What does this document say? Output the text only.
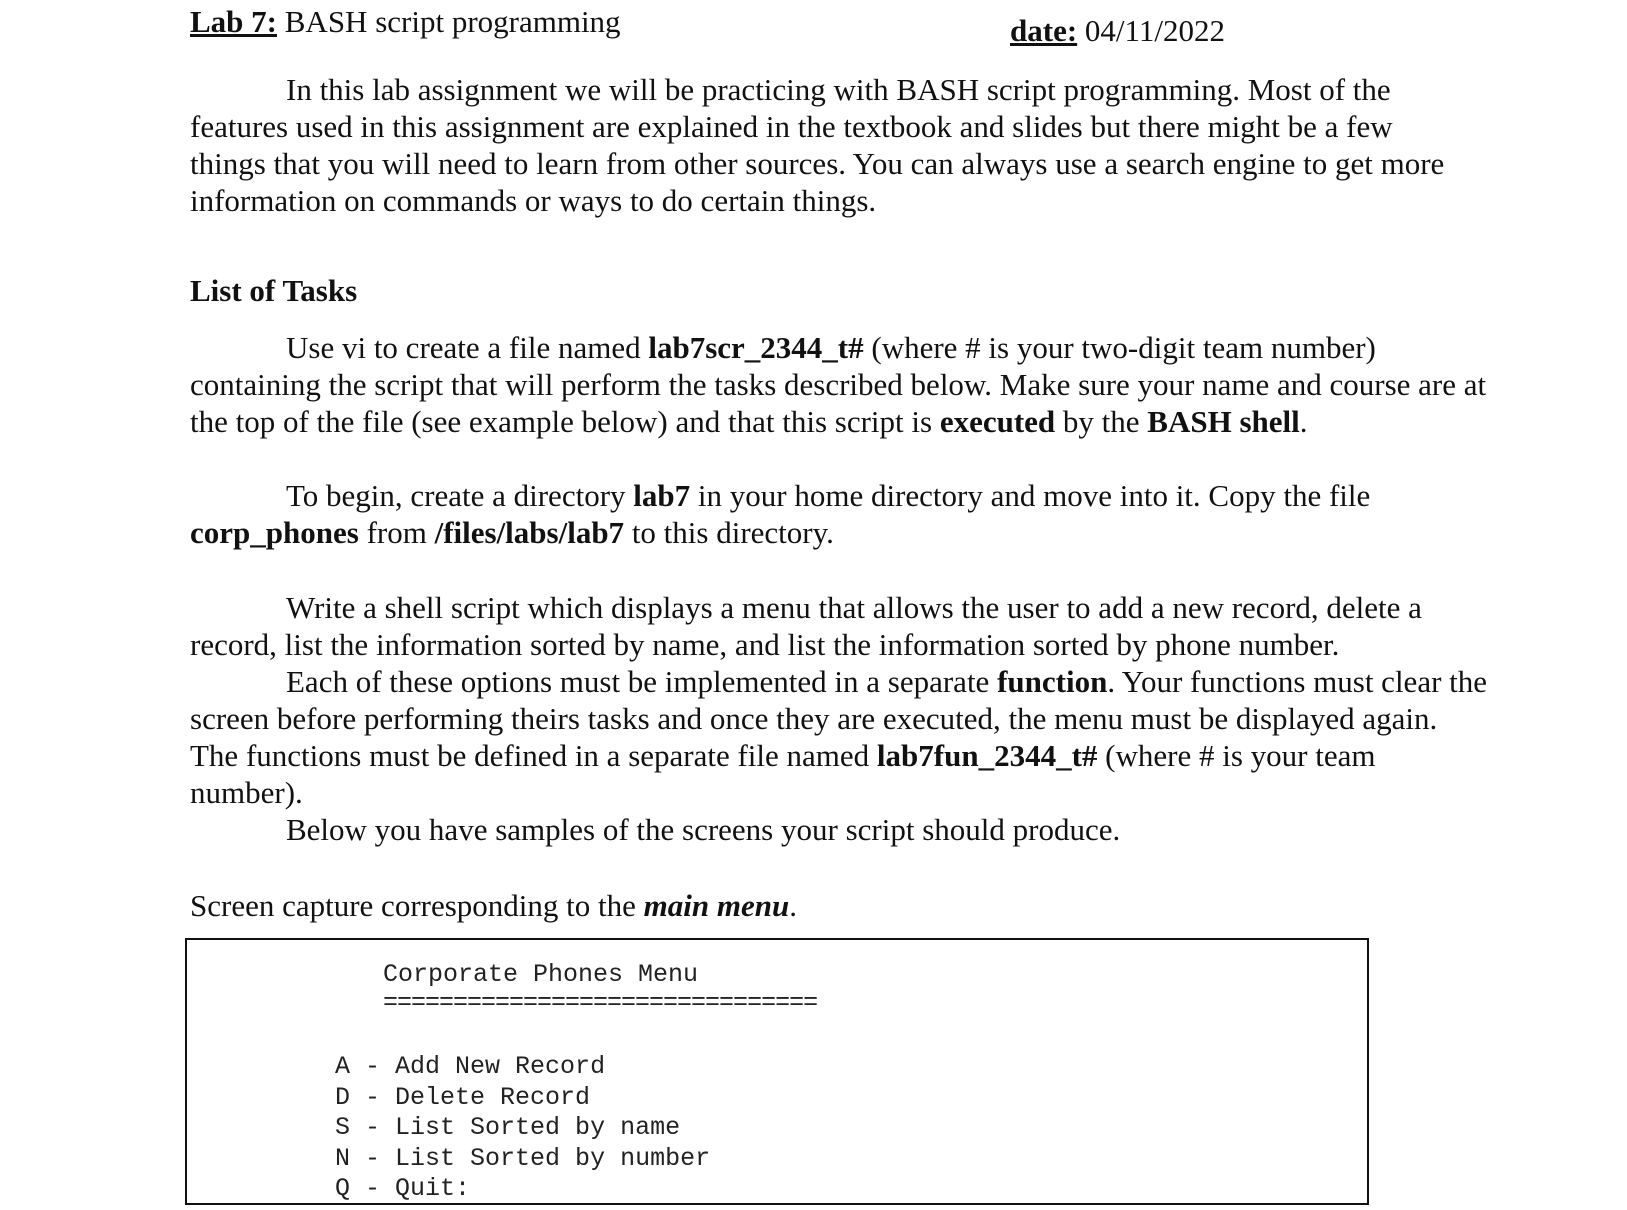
Lab 7: BASH script programming	date: 04/11/2022

In this lab assignment we will be practicing with BASH script programming. Most of the features used in this assignment are explained in the textbook and slides but there might be a few things that you will need to learn from other sources. You can always use a search engine to get more information on commands or ways to do certain things.

List of Tasks

Use vi to create a file named lab7scr_2344_t# (where # is your two-digit team number) containing the script that will perform the tasks described below. Make sure your name and course are at the top of the file (see example below) and that this script is executed by the BASH shell.

To begin, create a directory lab7 in your home directory and move into it. Copy the file corp_phones from /files/labs/lab7 to this directory.

Write a shell script which displays a menu that allows the user to add a new record, delete a record, list the information sorted by name, and list the information sorted by phone number.

Each of these options must be implemented in a separate function. Your functions must clear the screen before performing theirs tasks and once they are executed, the menu must be displayed again. The functions must be defined in a separate file named lab7fun_2344_t# (where # is your team number).

Below you have samples of the screens your script should produce.

Screen capture corresponding to the main menu.
Corporate Phones Menu
===============================
A - Add New Record
D - Delete Record
S - List Sorted by name
N - List Sorted by number
Q - Quit:
